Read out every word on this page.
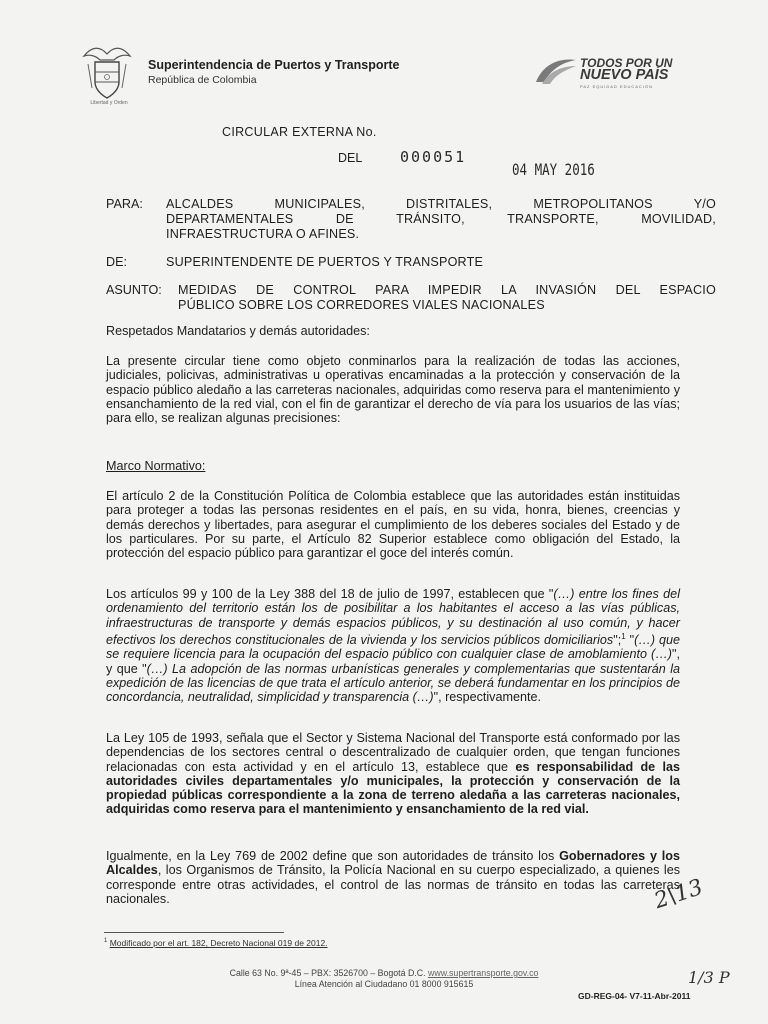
Libertad y Orden
Superintendencia de Puertos y Transporte
República de Colombia
TODOS POR UN
NUEVO PAÍS
PAZ EQUIDAD EDUCACIÓN
CIRCULAR EXTERNA No.
DEL	000051
04 MAY 2016
PARA: ALCALDES MUNICIPALES, DISTRITALES, METROPOLITANOS Y/O
DEPARTAMENTALES DE TRÁNSITO, TRANSPORTE, MOVILIDAD,
INFRAESTRUCTURA O AFINES.
DE:	SUPERINTENDENTE DE PUERTOS Y TRANSPORTE
ASUNTO: MEDIDAS DE CONTROL PARA IMPEDIR LA INVASIÓN DEL ESPACIO
PÚBLICO SOBRE LOS CORREDORES VIALES NACIONALES
Respetados Mandatarios y demás autoridades:
La presente circular tiene como objeto conminarlos para la realización de todas las acciones, judiciales, policivas, administrativas u operativas encaminadas a la protección y conservación de la espacio público aledaño a las carreteras nacionales, adquiridas como reserva para el mantenimiento y ensanchamiento de la red vial, con el fin de garantizar el derecho de vía para los usuarios de las vías; para ello, se realizan algunas precisiones:
Marco Normativo:
El artículo 2 de la Constitución Política de Colombia establece que las autoridades están instituidas para proteger a todas las personas residentes en el país, en su vida, honra, bienes, creencias y demás derechos y libertades, para asegurar el cumplimiento de los deberes sociales del Estado y de los particulares. Por su parte, el Artículo 82 Superior establece como obligación del Estado, la protección del espacio público para garantizar el goce del interés común.
Los artículos 99 y 100 de la Ley 388 del 18 de julio de 1997, establecen que "(…) entre los fines del ordenamiento del territorio están los de posibilitar a los habitantes el acceso a las vías públicas, infraestructuras de transporte y demás espacios públicos, y su destinación al uso común, y hacer efectivos los derechos constitucionales de la vivienda y los servicios públicos domiciliarios";$^1$ "(…) que se requiere licencia para la ocupación del espacio público con cualquier clase de amoblamiento (…)", y que "(…) La adopción de las normas urbanísticas generales y complementarias que sustentarán la expedición de las licencias de que trata el artículo anterior, se deberá fundamentar en los principios de concordancia, neutralidad, simplicidad y transparencia (…)", respectivamente.
La Ley 105 de 1993, señala que el Sector y Sistema Nacional del Transporte está conformado por las dependencias de los sectores central o descentralizado de cualquier orden, que tengan funciones relacionadas con esta actividad y en el artículo 13, establece que es responsabilidad de las autoridades civiles departamentales y/o municipales, la protección y conservación de la propiedad públicas correspondiente a la zona de terreno aledaña a las carreteras nacionales, adquiridas como reserva para el mantenimiento y ensanchamiento de la red vial.
Igualmente, en la Ley 769 de 2002 define que son autoridades de tránsito los Gobernadores y los Alcaldes, los Organismos de Tránsito, la Policía Nacional en su cuerpo especializado, a quienes les corresponde entre otras actividades, el control de las normas de tránsito en todas las carreteras nacionales.
$^1$ Modificado por el art. 182, Decreto Nacional 019 de 2012.
Calle 63 No. 9ª-45 – PBX: 3526700 – Bogotá D.C. www.supertransporte.gov.co
Línea Atención al Ciudadano 01 8000 915615
GD-REG-04- V7-11-Abr-2011
2\13
1/3 P
